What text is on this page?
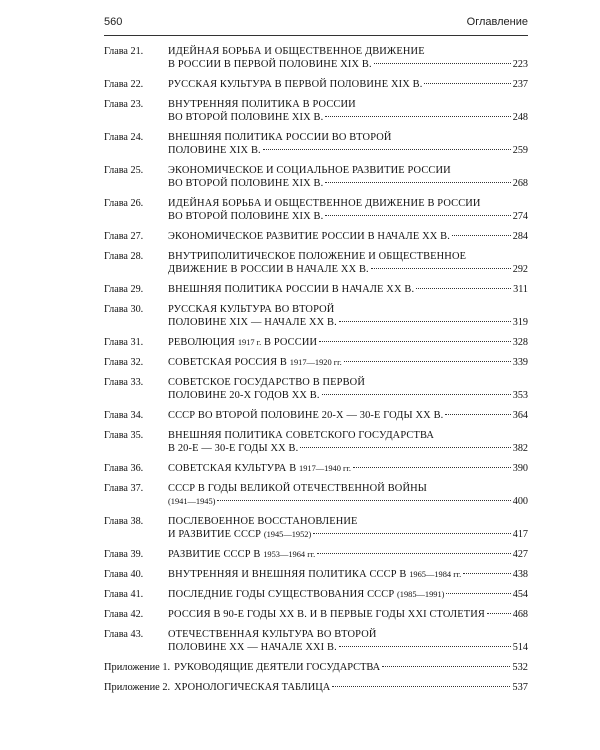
560	Оглавление
Глава 21.	ИДЕЙНАЯ БОРЬБА И ОБЩЕСТВЕННОЕ ДВИЖЕНИЕ
В РОССИИ В ПЕРВОЙ ПОЛОВИНЕ XIX В.	223
Глава 22.	РУССКАЯ КУЛЬТУРА В ПЕРВОЙ ПОЛОВИНЕ XIX В.	237
Глава 23.	ВНУТРЕННЯЯ ПОЛИТИКА В РОССИИ
ВО ВТОРОЙ ПОЛОВИНЕ XIX В.	248
Глава 24.	ВНЕШНЯЯ ПОЛИТИКА РОССИИ ВО ВТОРОЙ
ПОЛОВИНЕ XIX В.	259
Глава 25.	ЭКОНОМИЧЕСКОЕ И СОЦИАЛЬНОЕ РАЗВИТИЕ РОССИИ
ВО ВТОРОЙ ПОЛОВИНЕ XIX В.	268
Глава 26.	ИДЕЙНАЯ БОРЬБА И ОБЩЕСТВЕННОЕ ДВИЖЕНИЕ В РОССИИ
ВО ВТОРОЙ ПОЛОВИНЕ XIX В.	274
Глава 27.	ЭКОНОМИЧЕСКОЕ РАЗВИТИЕ РОССИИ В НАЧАЛЕ XX В.	284
Глава 28.	ВНУТРИПОЛИТИЧЕСКОЕ ПОЛОЖЕНИЕ И ОБЩЕСТВЕННОЕ
ДВИЖЕНИЕ В РОССИИ В НАЧАЛЕ XX В.	292
Глава 29.	ВНЕШНЯЯ ПОЛИТИКА РОССИИ В НАЧАЛЕ XX В.	311
Глава 30.	РУССКАЯ КУЛЬТУРА ВО ВТОРОЙ
ПОЛОВИНЕ XIX — НАЧАЛЕ XX В.	319
Глава 31.	РЕВОЛЮЦИЯ 1917 г. В РОССИИ	328
Глава 32.	СОВЕТСКАЯ РОССИЯ В 1917—1920 гг.	339
Глава 33.	СОВЕТСКОЕ ГОСУДАРСТВО В ПЕРВОЙ
ПОЛОВИНЕ 20-Х ГОДОВ XX В.	353
Глава 34.	СССР ВО ВТОРОЙ ПОЛОВИНЕ 20-Х — 30-Е ГОДЫ XX В.	364
Глава 35.	ВНЕШНЯЯ ПОЛИТИКА СОВЕТСКОГО ГОСУДАРСТВА
В 20-Е — 30-Е ГОДЫ XX В.	382
Глава 36.	СОВЕТСКАЯ КУЛЬТУРА В 1917—1940 гг.	390
Глава 37.	СССР В ГОДЫ ВЕЛИКОЙ ОТЕЧЕСТВЕННОЙ ВОЙНЫ
(1941—1945)	400
Глава 38.	ПОСЛЕВОЕННОЕ ВОССТАНОВЛЕНИЕ
И РАЗВИТИЕ СССР (1945—1952)	417
Глава 39.	РАЗВИТИЕ СССР В 1953—1964 гг.	427
Глава 40.	ВНУТРЕННЯЯ И ВНЕШНЯЯ ПОЛИТИКА СССР В 1965—1984 гг.	438
Глава 41.	ПОСЛЕДНИЕ ГОДЫ СУЩЕСТВОВАНИЯ СССР (1985—1991)	454
Глава 42.	РОССИЯ В 90-Е ГОДЫ XX В. И В ПЕРВЫЕ ГОДЫ XXI СТОЛЕТИЯ	468
Глава 43.	ОТЕЧЕСТВЕННАЯ КУЛЬТУРА ВО ВТОРОЙ
ПОЛОВИНЕ XX — НАЧАЛЕ XXI В.	514
Приложение 1. РУКОВОДЯЩИЕ ДЕЯТЕЛИ ГОСУДАРСТВА	532
Приложение 2. ХРОНОЛОГИЧЕСКАЯ ТАБЛИЦА	537
